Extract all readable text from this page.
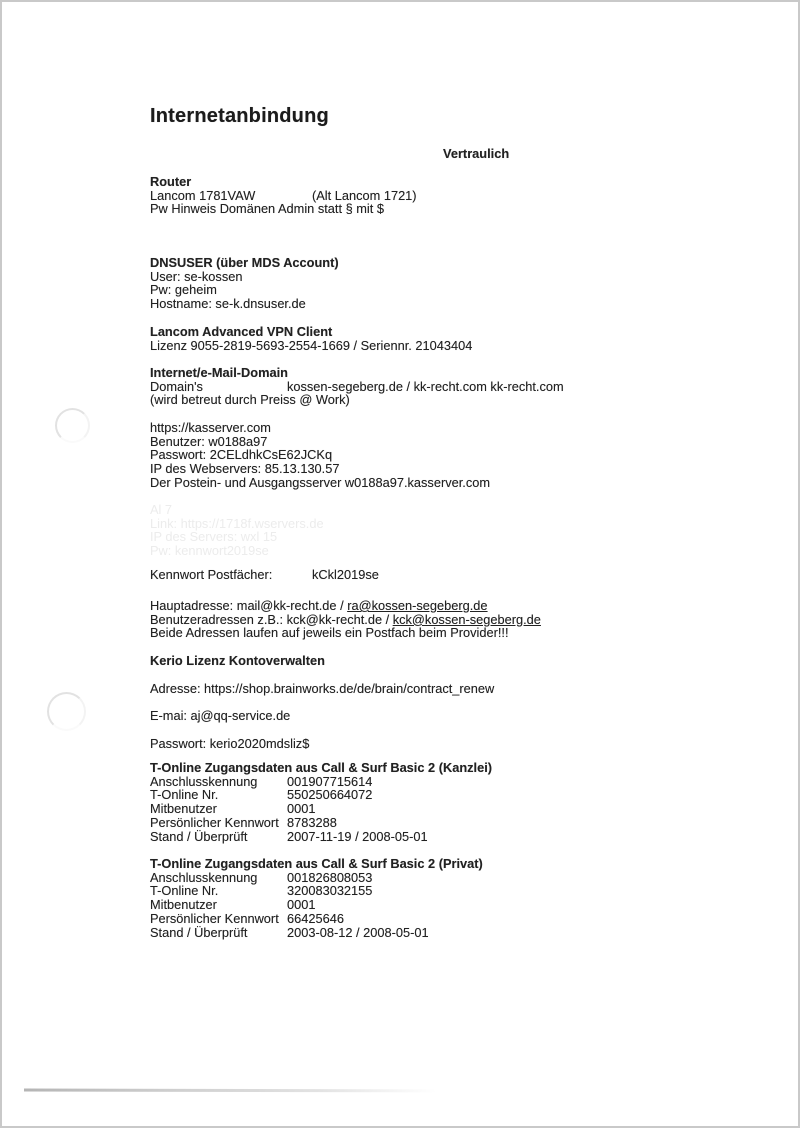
Internetanbindung
Vertraulich
Router
Lancom 1781VAW	(Alt Lancom 1721)
Pw Hinweis Domänen Admin statt § mit $
DNSUSER (über MDS Account)
User: se-kossen
Pw: geheim
Hostname: se-k.dnsuser.de
Lancom Advanced VPN Client
Lizenz 9055-2819-5693-2554-1669 / Seriennr. 21043404
Internet/e-Mail-Domain
Domain's	kossen-segeberg.de / kk-recht.com kk-recht.com
(wird betreut durch Preiss @ Work)
https://kasserver.com
Benutzer: w0188a97
Passwort: 2CELdhkCsE62JCKq
IP des Webservers: 85.13.130.57
Der Postein- und Ausgangsserver w0188a97.kasserver.com
Al 7
Link: https://1718f.wservers.de
IP des Servers: wxl 15
Pw: kennwort2019se
Kennwort Postfächer:	kCkl2019se
Hauptadresse: mail@kk-recht.de / ra@kossen-segeberg.de
Benutzeradressen z.B.: kck@kk-recht.de / kck@kossen-segeberg.de
Beide Adressen laufen auf jeweils ein Postfach beim Provider!!!
Kerio Lizenz Kontoverwalten
Adresse: https://shop.brainworks.de/de/brain/contract_renew
E-mai: aj@qq-service.de
Passwort: kerio2020mdsliz$
T-Online Zugangsdaten aus Call & Surf Basic 2 (Kanzlei)
Anschlusskennung	001907715614
T-Online Nr.	550250664072
Mitbenutzer	0001
Persönlicher Kennwort 8783288
Stand / Überprüft	2007-11-19 / 2008-05-01
T-Online Zugangsdaten aus Call & Surf Basic 2 (Privat)
Anschlusskennung	001826808053
T-Online Nr.	320083032155
Mitbenutzer	0001
Persönlicher Kennwort 66425646
Stand / Überprüft	2003-08-12 / 2008-05-01
